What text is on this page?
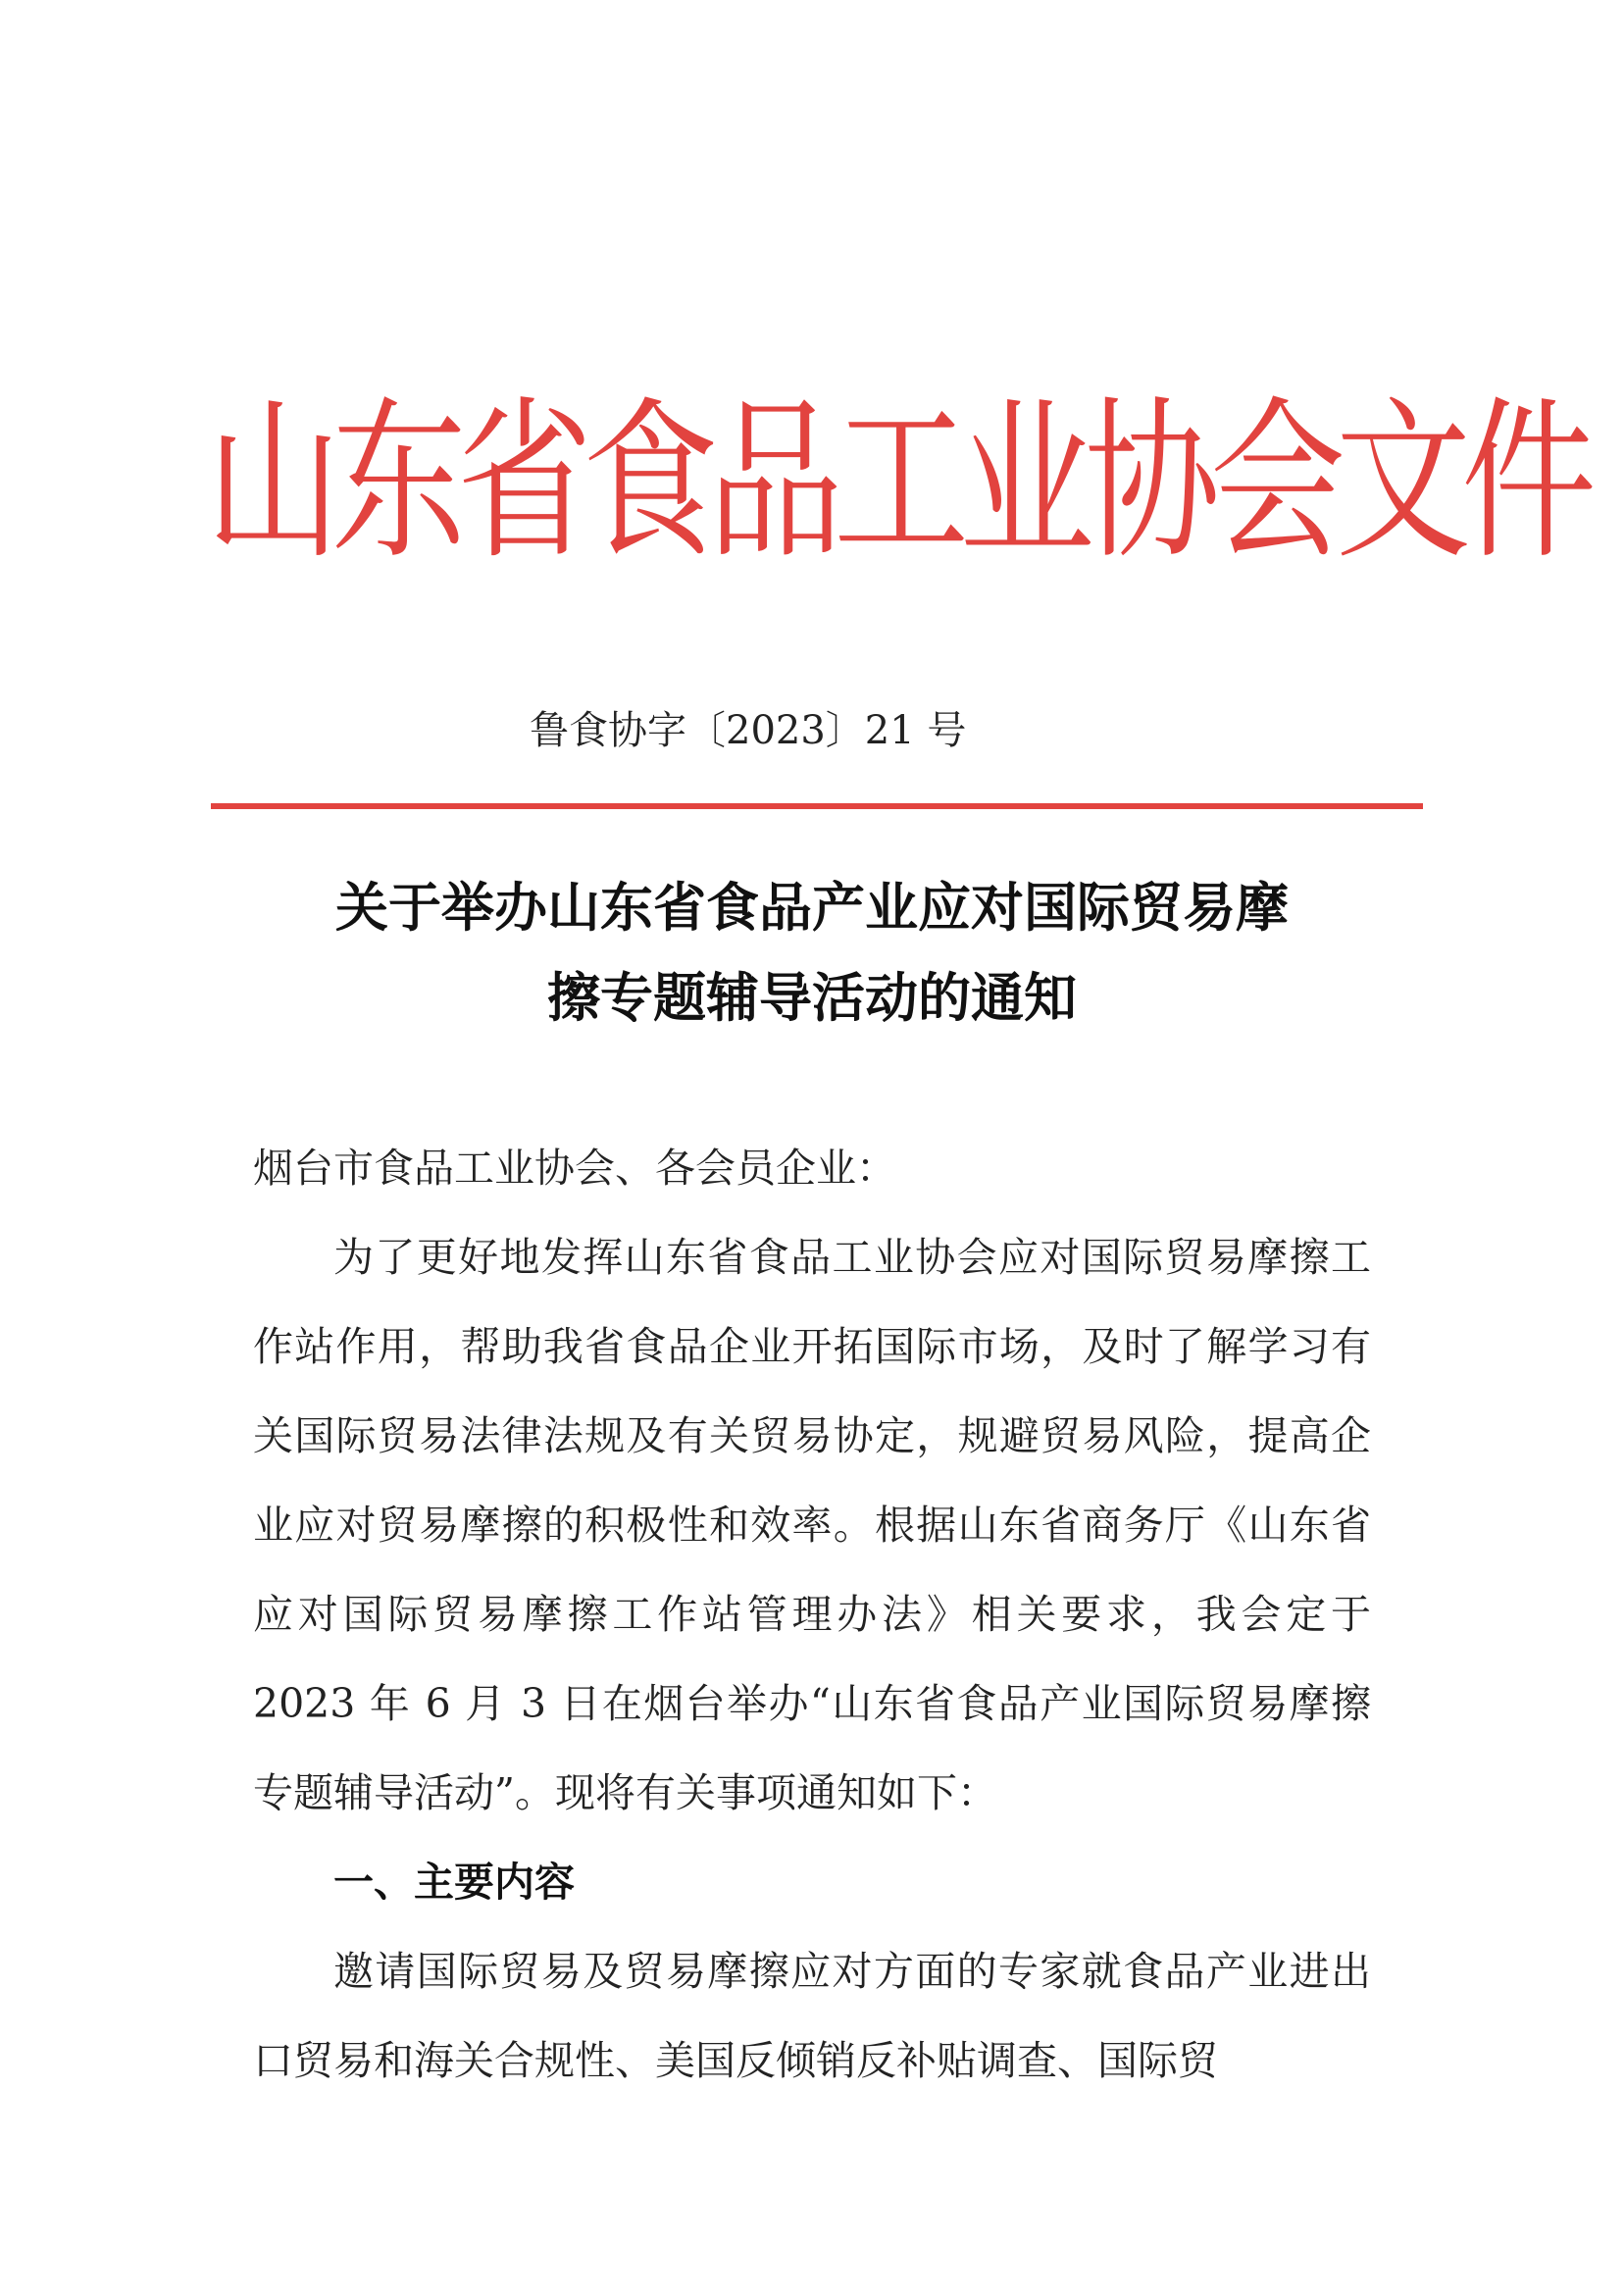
山东省食品工业协会文件
鲁食协字〔2023〕21 号
关于举办山东省食品产业应对国际贸易摩
擦专题辅导活动的通知

烟台市食品工业协会、各会员企业：

为了更好地发挥山东省食品工业协会应对国际贸易摩擦工作站作用，帮助我省食品企业开拓国际市场，及时了解学习有关国际贸易法律法规及有关贸易协定，规避贸易风险，提高企业应对贸易摩擦的积极性和效率。根据山东省商务厅《山东省应对国际贸易摩擦工作站管理办法》相关要求，我会定于 2023 年 6 月 3 日在烟台举办“山东省食品产业国际贸易摩擦专题辅导活动”。现将有关事项通知如下：

一、主要内容

邀请国际贸易及贸易摩擦应对方面的专家就食品产业进出口贸易和海关合规性、美国反倾销反补贴调查、国际贸
